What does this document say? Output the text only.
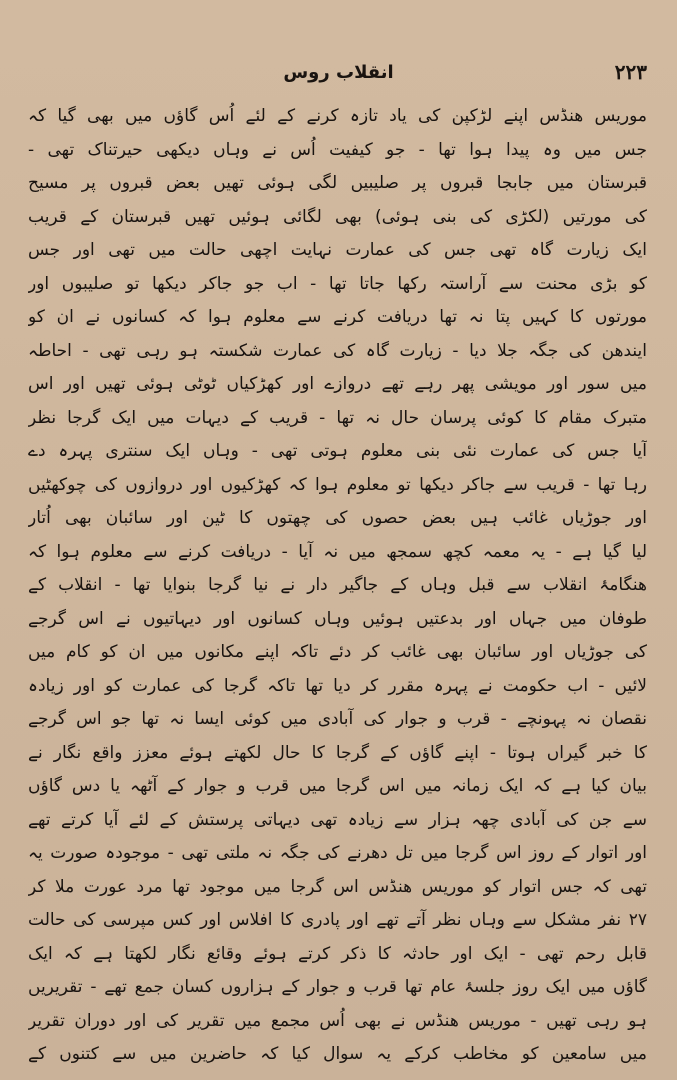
۲۲۳
انقلاب روس
موریس هنڈس اپنے لڑکپن کی یاد تازہ کرنے کے لئے اُس گاؤں میں بھی گیا کہ
جس میں وہ پیدا ہوا تھا - جو کیفیت اُس نے وہاں دیکھی حیرتناک تھی -
قبرستان میں جابجا قبروں پر صلیبیں لگی ہوئی تھیں بعض قبروں پر مسیح
کی مورتیں (لکڑی کی بنی ہوئی) بھی لگائی ہوئیں تھیں قبرستان کے قریب
ایک زیارت گاہ تھی جس کی عمارت نہایت اچھی حالت میں تھی اور جس
کو بڑی محنت سے آراستہ رکھا جاتا تھا - اب جو جاکر دیکھا تو صلیبوں اور
مورتوں کا کہیں پتا نہ تھا دریافت کرنے سے معلوم ہوا کہ کسانوں نے ان کو
ایندھن کی جگہ جلا دیا - زیارت گاہ کی عمارت شکستہ ہو رہی تھی - احاطہ
میں سور اور مویشی پھر رہے تھے دروازے اور کھڑکیاں ٹوٹی ہوئی تھیں اور اس
متبرک مقام کا کوئی پرسان حال نہ تھا - قریب کے دیہات میں ایک گرجا نظر
آیا جس کی عمارت نئی بنی معلوم ہوتی تھی - وہاں ایک سنتری پہرہ دے
رہا تھا - قریب سے جاکر دیکھا تو معلوم ہوا کہ کھڑکیوں اور دروازوں کی چوکھٹیں
اور جوڑیاں غائب ہیں بعض حصوں کی چھتوں کا ٹین اور سائبان بھی اُتار
لیا گیا ہے - یہ معمہ کچھ سمجھ میں نہ آیا - دریافت کرنے سے معلوم ہوا کہ
ھنگامۂ انقلاب سے قبل وہاں کے جاگیر دار نے نیا گرجا بنوایا تھا - انقلاب کے
طوفان میں جہاں اور بدعتیں ہوئیں وہاں کسانوں اور دیہاتیوں نے اس گرجے
کی جوڑیاں اور سائبان بھی غائب کر دئے تاکہ اپنے مکانوں میں ان کو کام میں
لائیں - اب حکومت نے پہرہ مقرر کر دیا تھا تاکہ گرجا کی عمارت کو اور زیادہ
نقصان نہ پہونچے - قرب و جوار کی آبادی میں کوئی ایسا نہ تھا جو اس گرجے
کا خبر گیراں ہوتا - اپنے گاؤں کے گرجا کا حال لکھتے ہوئے معزز واقع نگار نے
بیان کیا ہے کہ ایک زمانہ میں اس گرجا میں قرب و جوار کے آٹھہ یا دس گاؤں
سے جن کی آبادی چھہ ہزار سے زیادہ تھی دیہاتی پرستش کے لئے آیا کرتے تھے
اور اتوار کے روز اس گرجا میں تل دھرنے کی جگہ نہ ملتی تھی - موجودہ صورت یہ
تھی کہ جس اتوار کو موریس هنڈس اس گرجا میں موجود تھا مرد عورت ملا کر
۲۷ نفر مشکل سے وہاں نظر آتے تھے اور پادری کا افلاس اور کس مپرسی کی حالت
قابل رحم تھی - ایک اور حادثہ کا ذکر کرتے ہوئے وقائع نگار لکھتا ہے کہ ایک
گاؤں میں ایک روز جلسۂ عام تھا قرب و جوار کے ہزاروں کسان جمع تھے - تقریریں
ہو رہی تھیں - موریس هنڈس نے بھی اُس مجمع میں تقریر کی اور دوران تقریر
میں سامعین کو مخاطب کرکے یہ سوال کیا کہ حاضرین میں سے کتنوں کے
